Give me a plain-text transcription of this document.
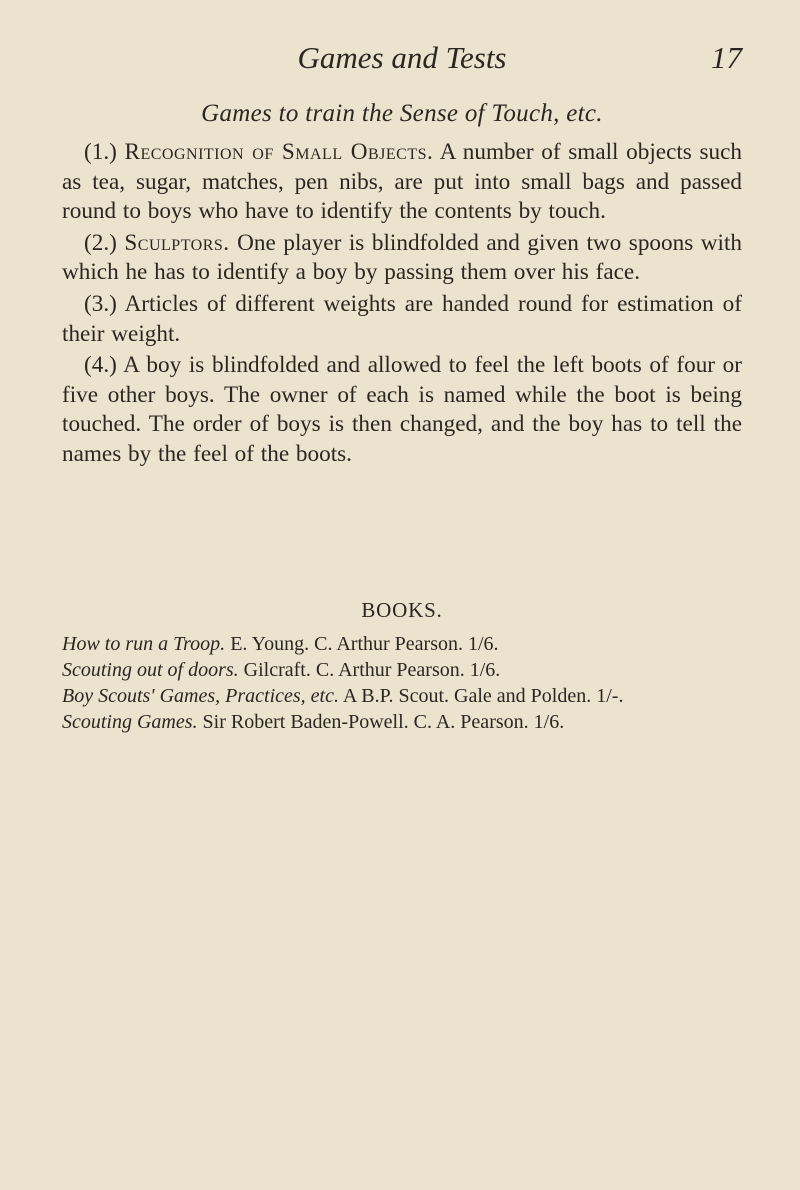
Games and Tests	17
Games to train the Sense of Touch, etc.

(1.) Recognition of Small Objects. A number of small objects such as tea, sugar, matches, pen nibs, are put into small bags and passed round to boys who have to identify the contents by touch.

(2.) Sculptors. One player is blindfolded and given two spoons with which he has to identify a boy by passing them over his face.

(3.) Articles of different weights are handed round for estimation of their weight.

(4.) A boy is blindfolded and allowed to feel the left boots of four or five other boys. The owner of each is named while the boot is being touched. The order of boys is then changed, and the boy has to tell the names by the feel of the boots.

BOOKS.

How to run a Troop. E. Young. C. Arthur Pearson. 1/6.

Scouting out of doors. Gilcraft. C. Arthur Pearson. 1/6.

Boy Scouts' Games, Practices, etc. A B.P. Scout. Gale and Polden. 1/-.

Scouting Games. Sir Robert Baden-Powell. C. A. Pearson. 1/6.
